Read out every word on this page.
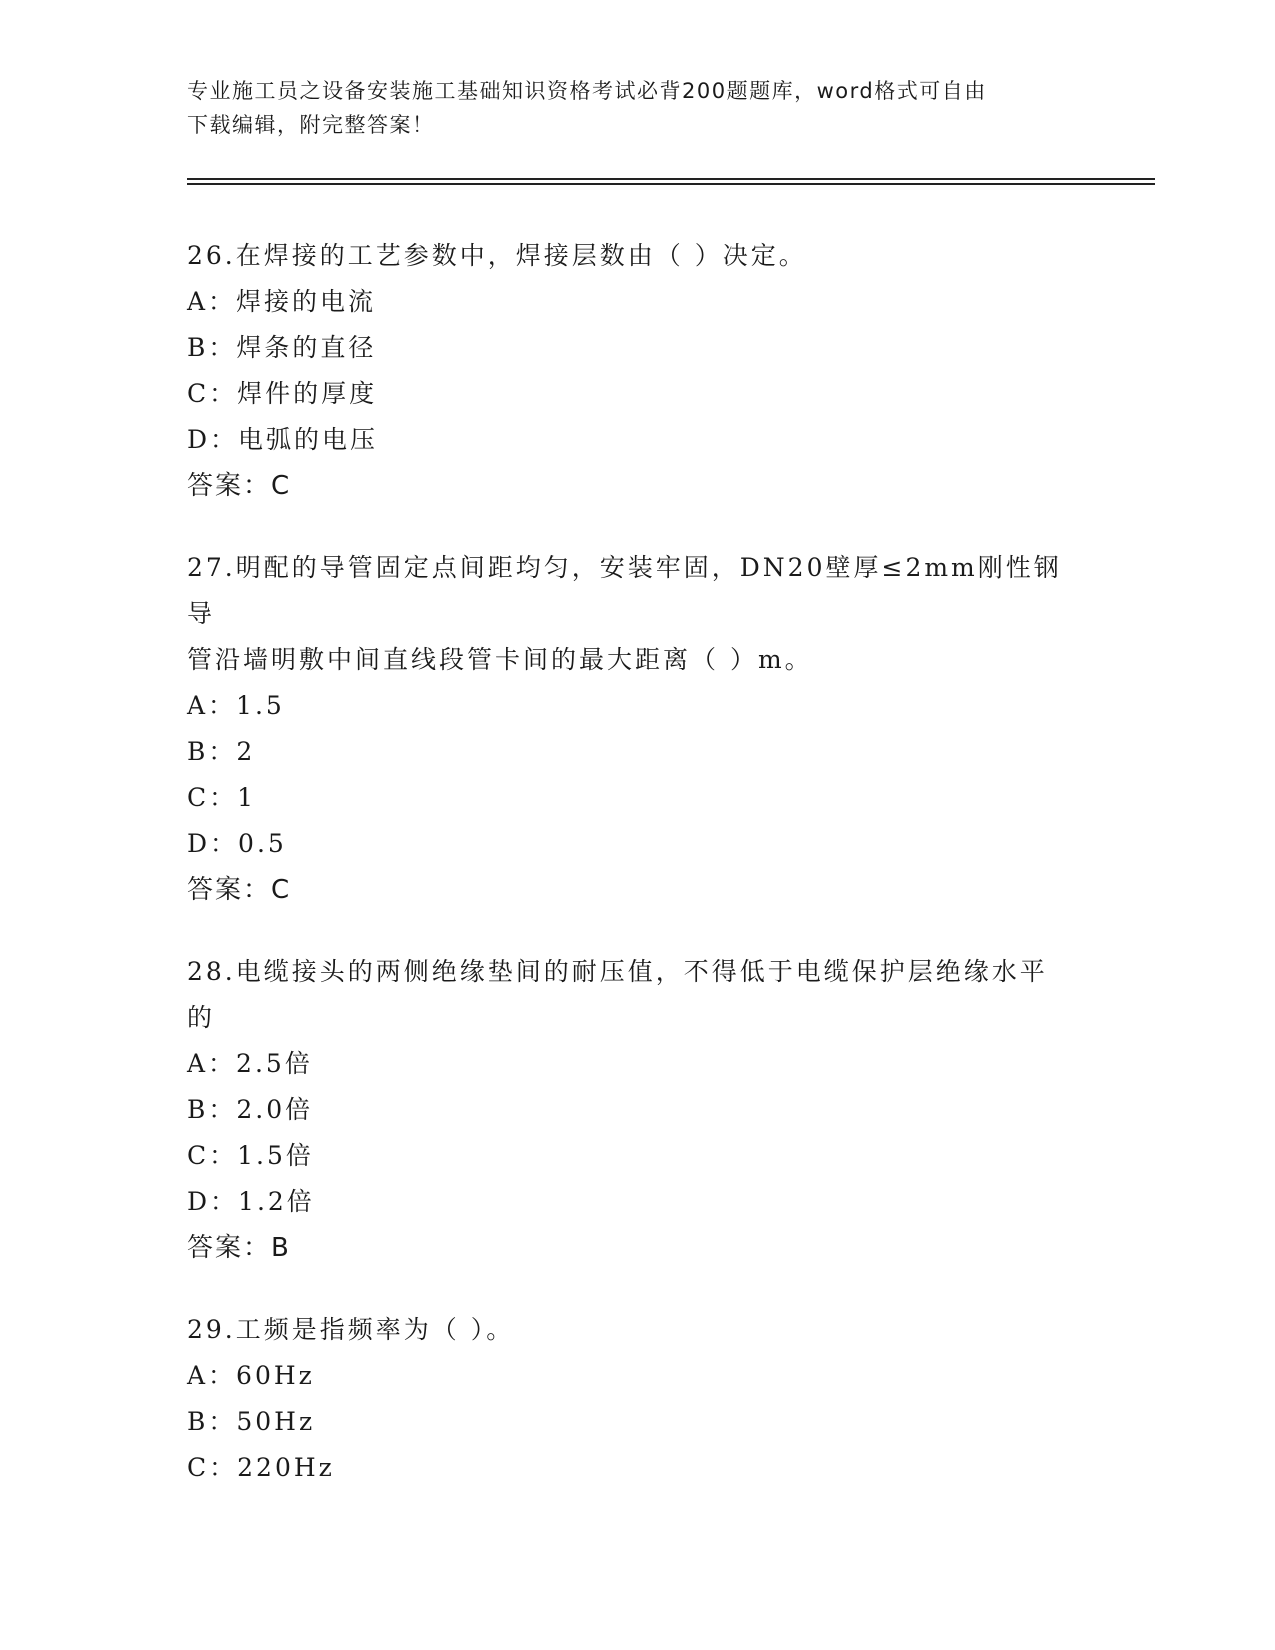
专业施工员之设备安装施工基础知识资格考试必背200题题库，word格式可自由
下载编辑，附完整答案！
26.在焊接的工艺参数中，焊接层数由（ ）决定。
A：焊接的电流
B：焊条的直径
C：焊件的厚度
D：电弧的电压
答案：C
27.明配的导管固定点间距均匀，安装牢固，DN20壁厚≤2mm刚性钢导
管沿墙明敷中间直线段管卡间的最大距离（ ）m。
A：1.5
B：2
C：1
D：0.5
答案：C
28.电缆接头的两侧绝缘垫间的耐压值，不得低于电缆保护层绝缘水平
的
A：2.5倍
B：2.0倍
C：1.5倍
D：1.2倍
答案：B
29.工频是指频率为（ ）。
A：60Hz
B：50Hz
C：220Hz
